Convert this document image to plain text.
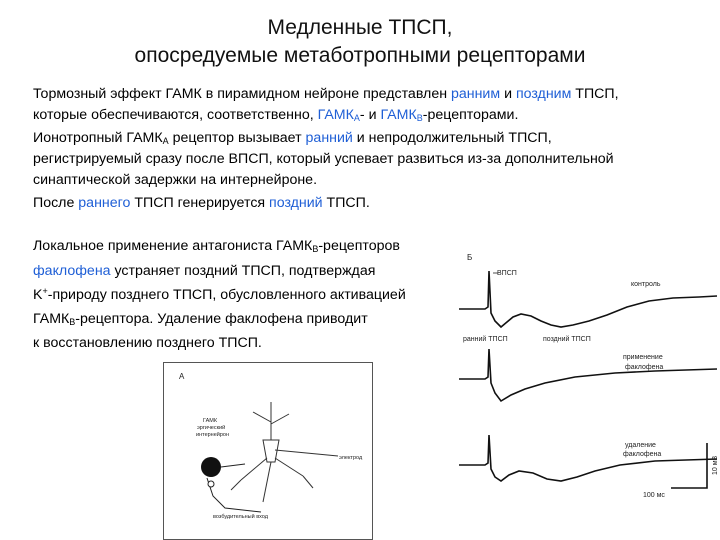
Медленные ТПСП,
опосредуемые метаботропными рецепторами
Тормозный эффект ГАМК в пирамидном нейроне представлен ранним и поздним ТПСП,
которые обеспечиваются, соответственно, $ГАМК_A-$ и $ГАМК_B$-рецепторами.
Ионотропный $ГАМК_A$ рецептор вызывает ранний и непродолжительный ТПСП,
регистрируемый сразу после ВПСП, который успевает развиться из-за дополнительной
синаптической задержки на интернейроне.
После раннего ТПСП генерируется поздний ТПСП.
Локальное применение антагониста $ГАМК_B$-рецепторов
факлофена устраняет поздний ТПСП, подтверждая
K+-природу позднего ТПСП, обусловленного активацией
$ГАМК_B$-рецептора. Удаление факлофена приводит
к восстановлению позднего ТПСП.
А
ГАМК
эргический
интернейрон
электрод
возбудительный вход
Б
ВПСП
контроль
ранний ТПСП	поздний ТПСП
применение
факлофена
удаление
факлофена
10 мВ
100 мс
